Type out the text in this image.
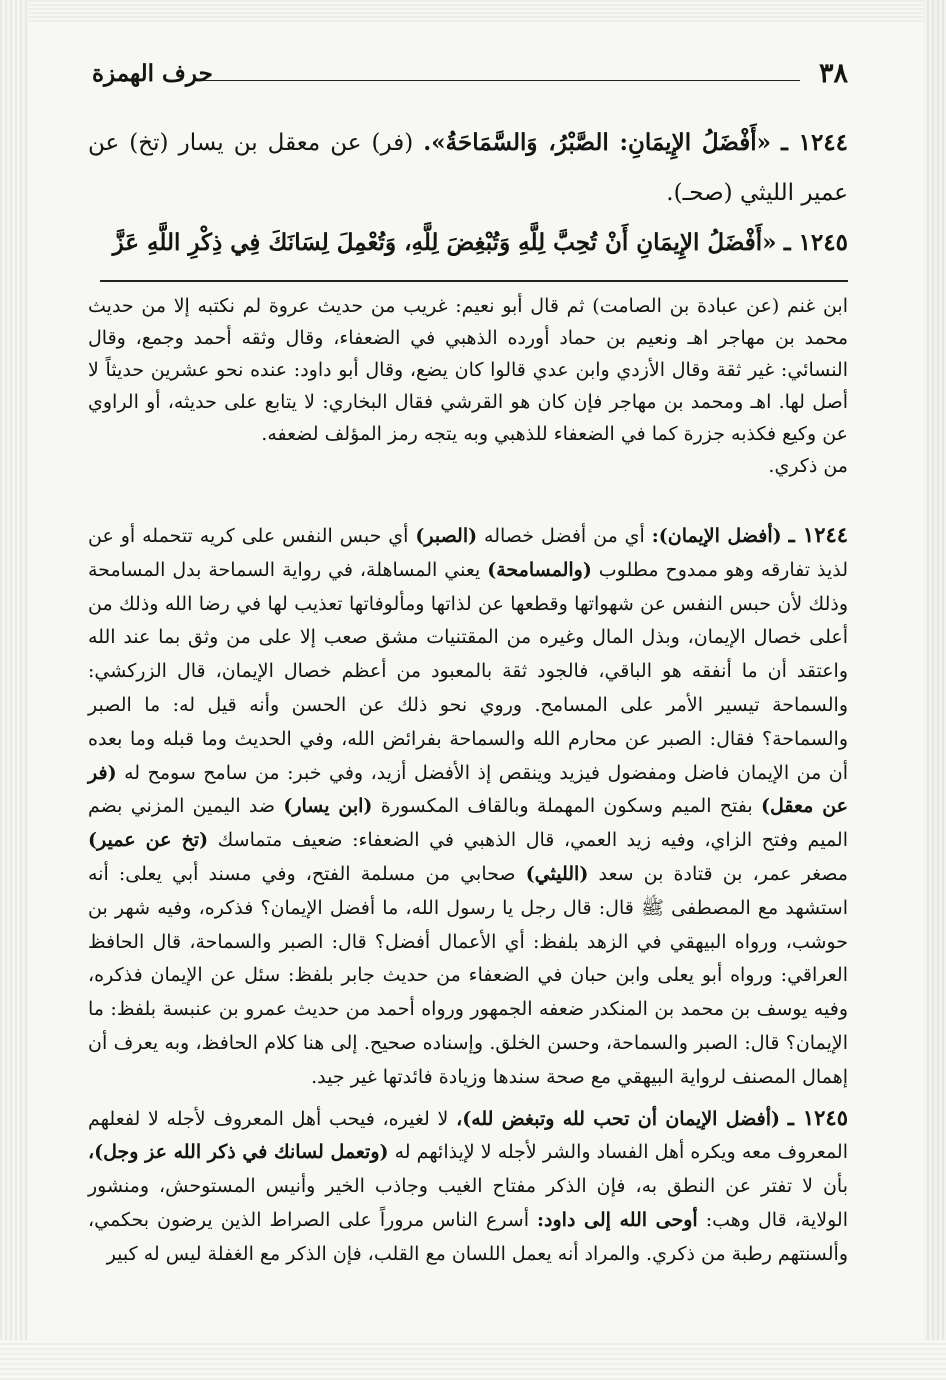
٣٨
حرف الهمزة

١٢٤٤ ـ «أَفْضَلُ الإِيمَانِ: الصَّبْرُ، وَالسَّمَاحَةُ». (فر) عن معقل بن يسار (تخ) عن عمير الليثي (صحـ).

١٢٤٥ ـ «أَفْضَلُ الإِيمَانِ أَنْ تُحِبَّ لِلَّهِ وَتُبْغِضَ لِلَّهِ، وَتُعْمِلَ لِسَانَكَ فِي ذِكْرِ اللَّهِ عَزَّ

ابن غنم (عن عبادة بن الصامت) ثم قال أبو نعيم: غريب من حديث عروة لم نكتبه إلا من حديث محمد بن مهاجر اهـ ونعيم بن حماد أورده الذهبي في الضعفاء، وقال وثقه أحمد وجمع، وقال النسائي: غير ثقة وقال الأزدي وابن عدي قالوا كان يضع، وقال أبو داود: عنده نحو عشرين حديثاً لا أصل لها. اهـ ومحمد بن مهاجر فإن كان هو القرشي فقال البخاري: لا يتابع على حديثه، أو الراوي عن وكيع فكذبه جزرة كما في الضعفاء للذهبي وبه يتجه رمز المؤلف لضعفه.

من ذكري.

١٢٤٤ ـ (أفضل الإيمان): أي من أفضل خصاله (الصبر) أي حبس النفس على كريه تتحمله أو عن لذيذ تفارقه وهو ممدوح مطلوب (والمسامحة) يعني المساهلة، في رواية السماحة بدل المسامحة وذلك لأن حبس النفس عن شهواتها وقطعها عن لذاتها ومألوفاتها تعذيب لها في رضا الله وذلك من أعلى خصال الإيمان، وبذل المال وغيره من المقتنيات مشق صعب إلا على من وثق بما عند الله واعتقد أن ما أنفقه هو الباقي، فالجود ثقة بالمعبود من أعظم خصال الإيمان، قال الزركشي: والسماحة تيسير الأمر على المسامح. وروي نحو ذلك عن الحسن وأنه قيل له: ما الصبر والسماحة؟ فقال: الصبر عن محارم الله والسماحة بفرائض الله، وفي الحديث وما قبله وما بعده أن من الإيمان فاضل ومفضول فيزيد وينقص إذ الأفضل أزيد، وفي خبر: من سامح سومح له (فر عن معقل) بفتح الميم وسكون المهملة وبالقاف المكسورة (ابن يسار) ضد اليمين المزني بضم الميم وفتح الزاي، وفيه زيد العمي، قال الذهبي في الضعفاء: ضعيف متماسك (تخ عن عمير) مصغر عمر، بن قتادة بن سعد (الليثي) صحابي من مسلمة الفتح، وفي مسند أبي يعلى: أنه استشهد مع المصطفى ﷺ قال: قال رجل يا رسول الله، ما أفضل الإيمان؟ فذكره، وفيه شهر بن حوشب، ورواه البيهقي في الزهد بلفظ: أي الأعمال أفضل؟ قال: الصبر والسماحة، قال الحافظ العراقي: ورواه أبو يعلى وابن حبان في الضعفاء من حديث جابر بلفظ: سئل عن الإيمان فذكره، وفيه يوسف بن محمد بن المنكدر ضعفه الجمهور ورواه أحمد من حديث عمرو بن عنبسة بلفظ: ما الإيمان؟ قال: الصبر والسماحة، وحسن الخلق. وإسناده صحيح. إلى هنا كلام الحافظ، وبه يعرف أن إهمال المصنف لرواية البيهقي مع صحة سندها وزيادة فائدتها غير جيد.

١٢٤٥ ـ (أفضل الإيمان أن تحب لله وتبغض لله)، لا لغيره، فيحب أهل المعروف لأجله لا لفعلهم المعروف معه ويكره أهل الفساد والشر لأجله لا لإيذائهم له (وتعمل لسانك في ذكر الله عز وجل)، بأن لا تفتر عن النطق به، فإن الذكر مفتاح الغيب وجاذب الخير وأنيس المستوحش، ومنشور الولاية، قال وهب: أوحى الله إلى داود: أسرع الناس مروراً على الصراط الذين يرضون بحكمي، وألسنتهم رطبة من ذكري. والمراد أنه يعمل اللسان مع القلب، فإن الذكر مع الغفلة ليس له كبير
